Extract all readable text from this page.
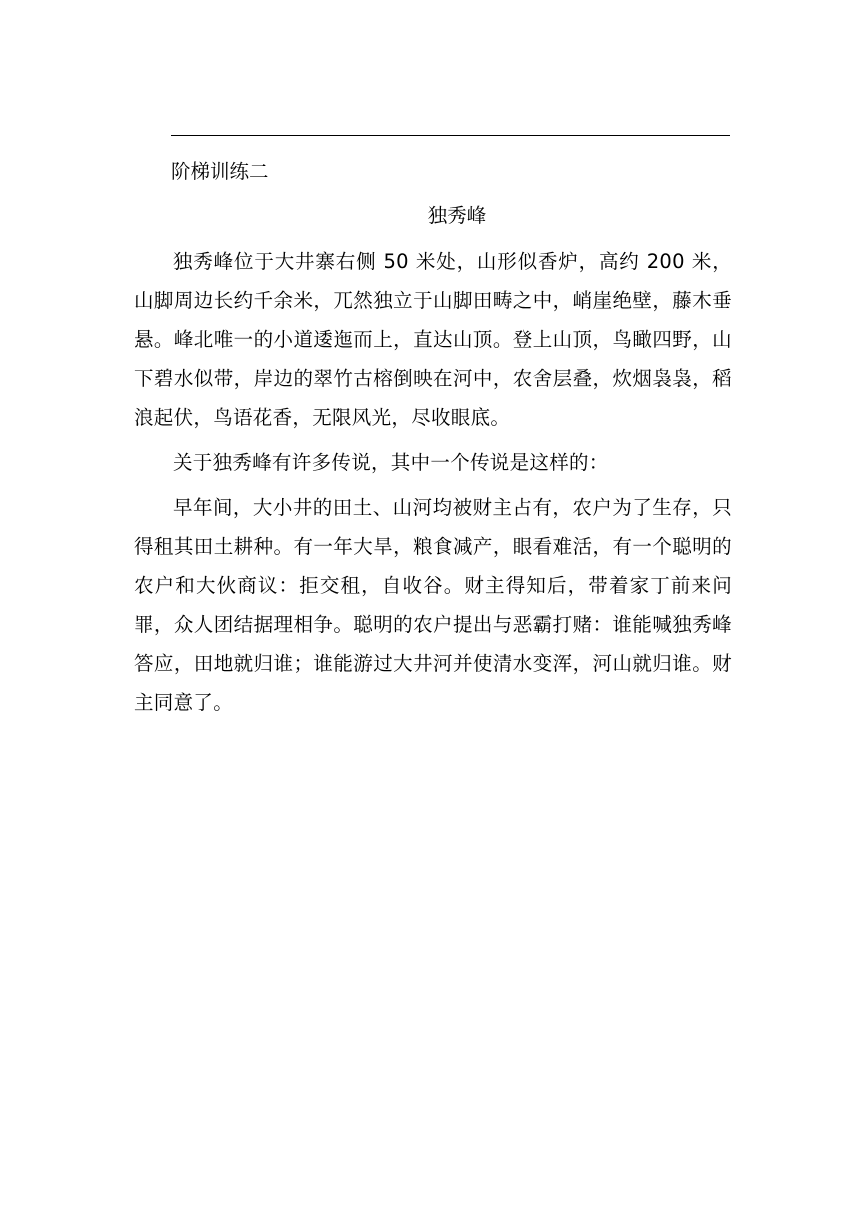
阶梯训练二
独秀峰

独秀峰位于大井寨右侧 50 米处，山形似香炉，高约 200 米，山脚周边长约千余米，兀然独立于山脚田畴之中，峭崖绝壁，藤木垂悬。峰北唯一的小道逶迤而上，直达山顶。登上山顶，鸟瞰四野，山下碧水似带，岸边的翠竹古榕倒映在河中，农舍层叠，炊烟袅袅，稻浪起伏，鸟语花香，无限风光，尽收眼底。

关于独秀峰有许多传说，其中一个传说是这样的：

早年间，大小井的田土、山河均被财主占有，农户为了生存，只得租其田土耕种。有一年大旱，粮食减产，眼看难活，有一个聪明的农户和大伙商议：拒交租，自收谷。财主得知后，带着家丁前来问罪，众人团结据理相争。聪明的农户提出与恶霸打赌：谁能喊独秀峰答应，田地就归谁；谁能游过大井河并使清水变浑，河山就归谁。财主同意了。
